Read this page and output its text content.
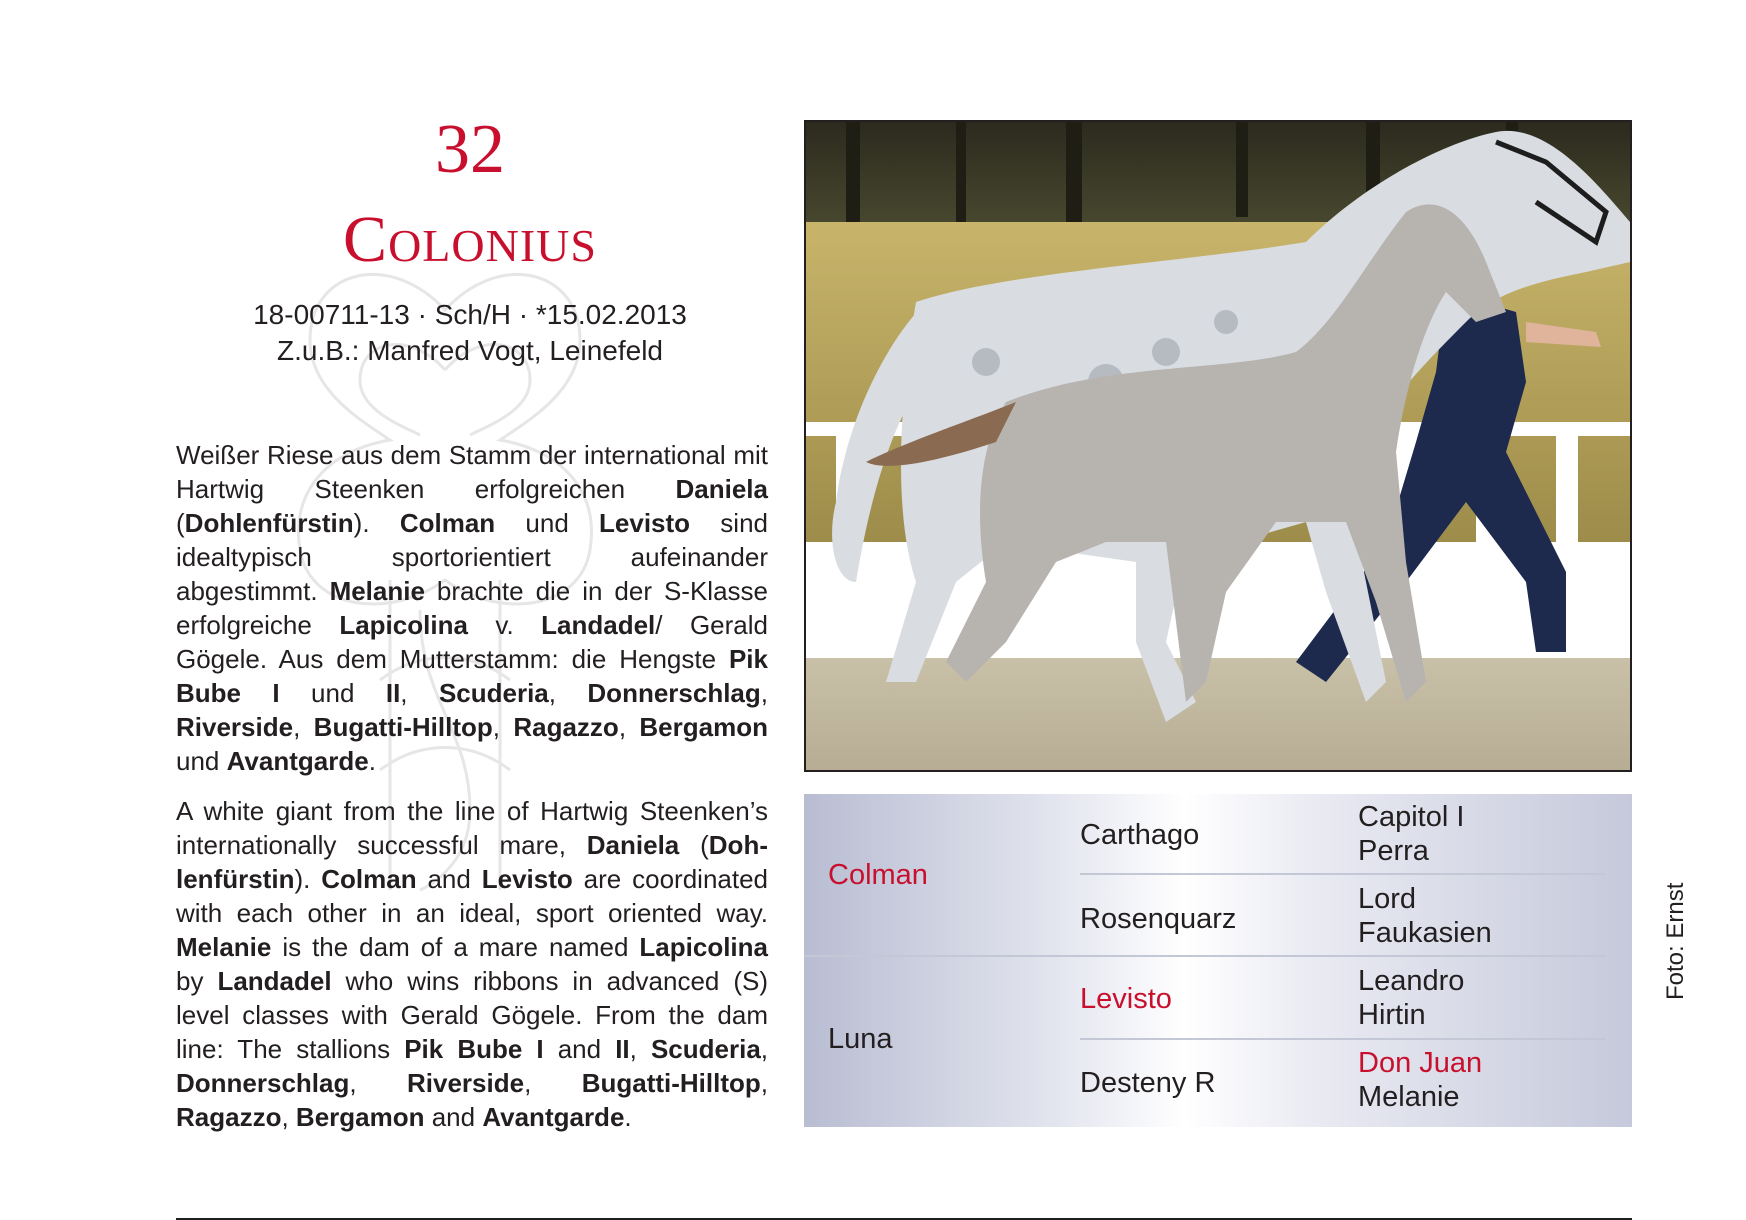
32
Colonius
18-00711-13 · Sch/H · *15.02.2013
Z.u.B.: Manfred Vogt, Leinefeld

Weißer Riese aus dem Stamm der international mit Hartwig Steenken erfolgreichen Daniela (Dohlenfürstin). Colman und Levisto sind idealtypisch sportorientiert aufeinander abgestimmt. Melanie brachte die in der S-Klasse erfolgreiche Lapicolina v. Landadel/ Gerald Gögele. Aus dem Mutterstamm: die Hengste Pik Bube I und II, Scuderia, Donnerschlag, Riverside, Bugatti-Hilltop, Ragazzo, Bergamon und Avantgarde.

A white giant from the line of Hartwig Steenken’s internationally successful mare, Daniela (Dohlenfürstin). Colman and Levisto are coordinated with each other in an ideal, sport oriented way. Melanie is the dam of a mare named Lapicolina by Landadel who wins ribbons in advanced (S) level classes with Gerald Gögele. From the dam line: The stallions Pik Bube I and II, Scuderia, Donnerschlag, Riverside, Bugatti-Hilltop, Ragazzo, Bergamon and Avantgarde.

Colman
Luna
Carthago
Rosenquarz
Levisto
Desteny R
Capitol I
Perra
Lord
Faukasien
Leandro
Hirtin
Don Juan
Melanie
Foto: Ernst
